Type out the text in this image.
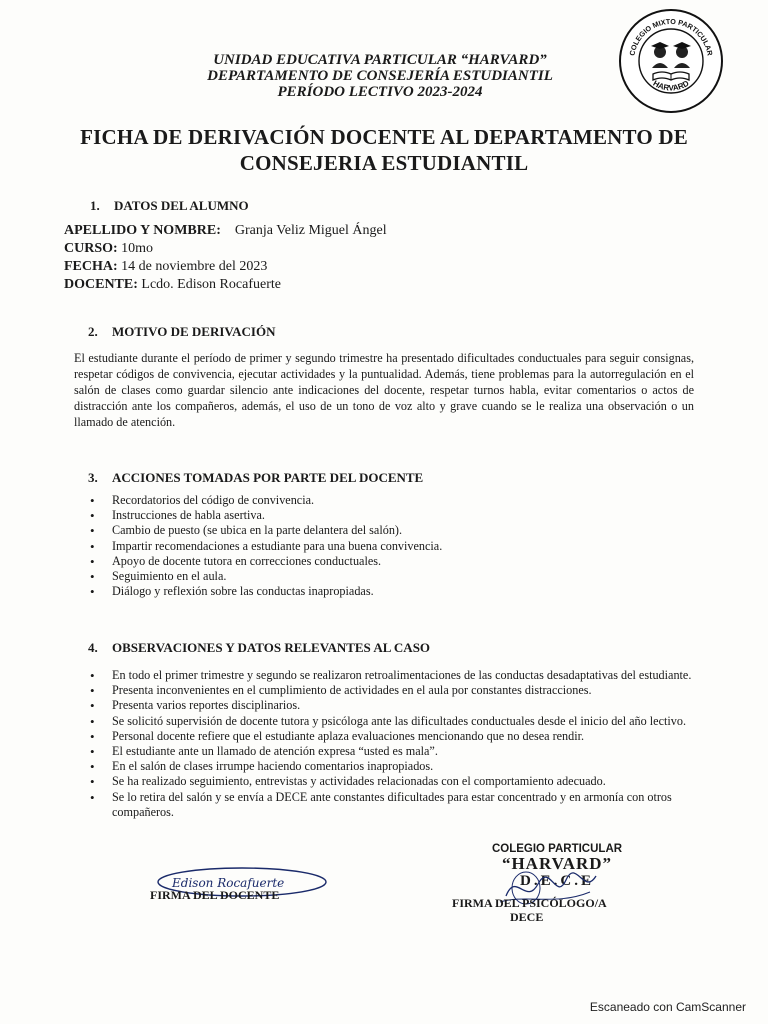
UNIDAD EDUCATIVA PARTICULAR “HARVARD”
DEPARTAMENTO DE CONSEJERÍA ESTUDIANTIL
PERÍODO LECTIVO 2023-2024
COLEGIO MIXTO PARTICULAR
HARVARD
FICHA DE DERIVACIÓN DOCENTE AL DEPARTAMENTO DE
CONSEJERIA ESTUDIANTIL
1. DATOS DEL ALUMNO
APELLIDO Y NOMBRE: Granja Veliz Miguel Ángel
CURSO: 10mo
FECHA: 14 de noviembre del 2023
DOCENTE: Lcdo. Edison Rocafuerte
2. MOTIVO DE DERIVACIÓN
El estudiante durante el período de primer y segundo trimestre ha presentado dificultades conductuales para seguir consignas, respetar códigos de convivencia, ejecutar actividades y la puntualidad. Además, tiene problemas para la autorregulación en el salón de clases como guardar silencio ante indicaciones del docente, respetar turnos habla, evitar comentarios o actos de distracción ante los compañeros, además, el uso de un tono de voz alto y grave cuando se le realiza una observación o un llamado de atención.
3. ACCIONES TOMADAS POR PARTE DEL DOCENTE
• Recordatorios del código de convivencia.
• Instrucciones de habla asertiva.
• Cambio de puesto (se ubica en la parte delantera del salón).
• Impartir recomendaciones a estudiante para una buena convivencia.
• Apoyo de docente tutora en correcciones conductuales.
• Seguimiento en el aula.
• Diálogo y reflexión sobre las conductas inapropiadas.
4. OBSERVACIONES Y DATOS RELEVANTES AL CASO
• En todo el primer trimestre y segundo se realizaron retroalimentaciones de las conductas desadaptativas del estudiante.
• Presenta inconvenientes en el cumplimiento de actividades en el aula por constantes distracciones.
• Presenta varios reportes disciplinarios.
• Se solicitó supervisión de docente tutora y psicóloga ante las dificultades conductuales desde el inicio del año lectivo.
• Personal docente refiere que el estudiante aplaza evaluaciones mencionando que no desea rendir.
• El estudiante ante un llamado de atención expresa “usted es mala”.
• En el salón de clases irrumpe haciendo comentarios inapropiados.
• Se ha realizado seguimiento, entrevistas y actividades relacionadas con el comportamiento adecuado.
• Se lo retira del salón y se envía a DECE ante constantes dificultades para estar concentrado y en armonía con otros compañeros.
Edison Rocafuerte
FIRMA DEL DOCENTE
COLEGIO PARTICULAR
“HARVARD”
D.E.C.E
FIRMA DEL PSICÓLOGO/A
DECE
Escaneado con CamScanner
